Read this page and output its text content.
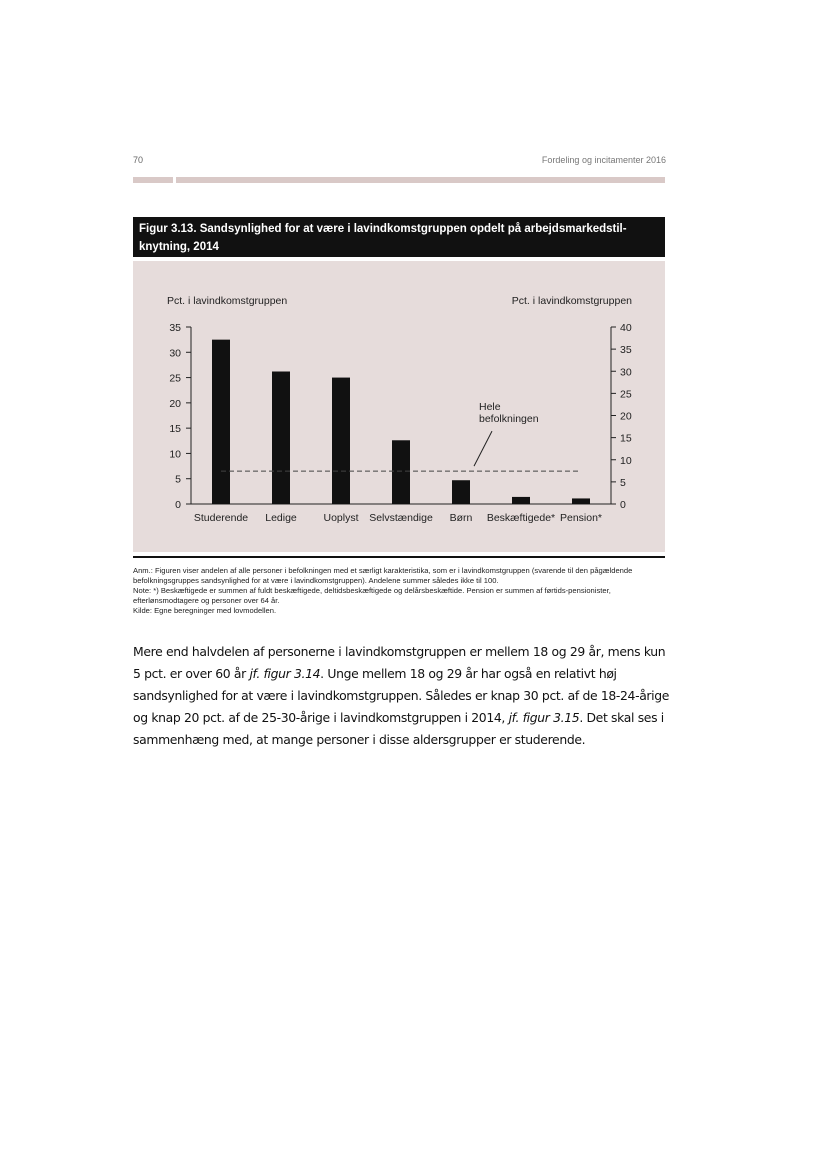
70	Fordeling og incitamenter 2016
Figur 3.13. Sandsynlighed for at være i lavindkomstgruppen opdelt på arbejdsmarkedstil-knytning, 2014
Pct. i lavindkomstgruppen	Pct. i lavindkomstgruppen
0
5
10
15
20
25
30
35
0
5
10
15
20
25
30
35
40
Studerende Ledige	Uoplyst Selvstændige Børn Beskæftigede* Pension*
Hele
befolkningen
Anm.: Figuren viser andelen af alle personer i befolkningen med et særligt karakteristika, som er i lavindkomstgruppen (svarende til den pågældende befolkningsgruppes sandsynlighed for at være i lavindkomstgruppen). Andelene summer således ikke til 100.
Note: *) Beskæftigede er summen af fuldt beskæftigede, deltidsbeskæftigede og delårsbeskæftide. Pension er summen af førtids-pensionister, efterlønsmodtagere og personer over 64 år.
Kilde: Egne beregninger med lovmodellen.
Mere end halvdelen af personerne i lavindkomstgruppen er mellem 18 og 29 år, mens kun 5 pct. er over 60 år jf. figur 3.14. Unge mellem 18 og 29 år har også en relativt høj sandsynlighed for at være i lavindkomstgruppen. Således er knap 30 pct. af de 18-24-årige og knap 20 pct. af de 25-30-årige i lavindkomstgruppen i 2014, jf. figur 3.15. Det skal ses i sammenhæng med, at mange personer i disse aldersgrupper er studerende.
